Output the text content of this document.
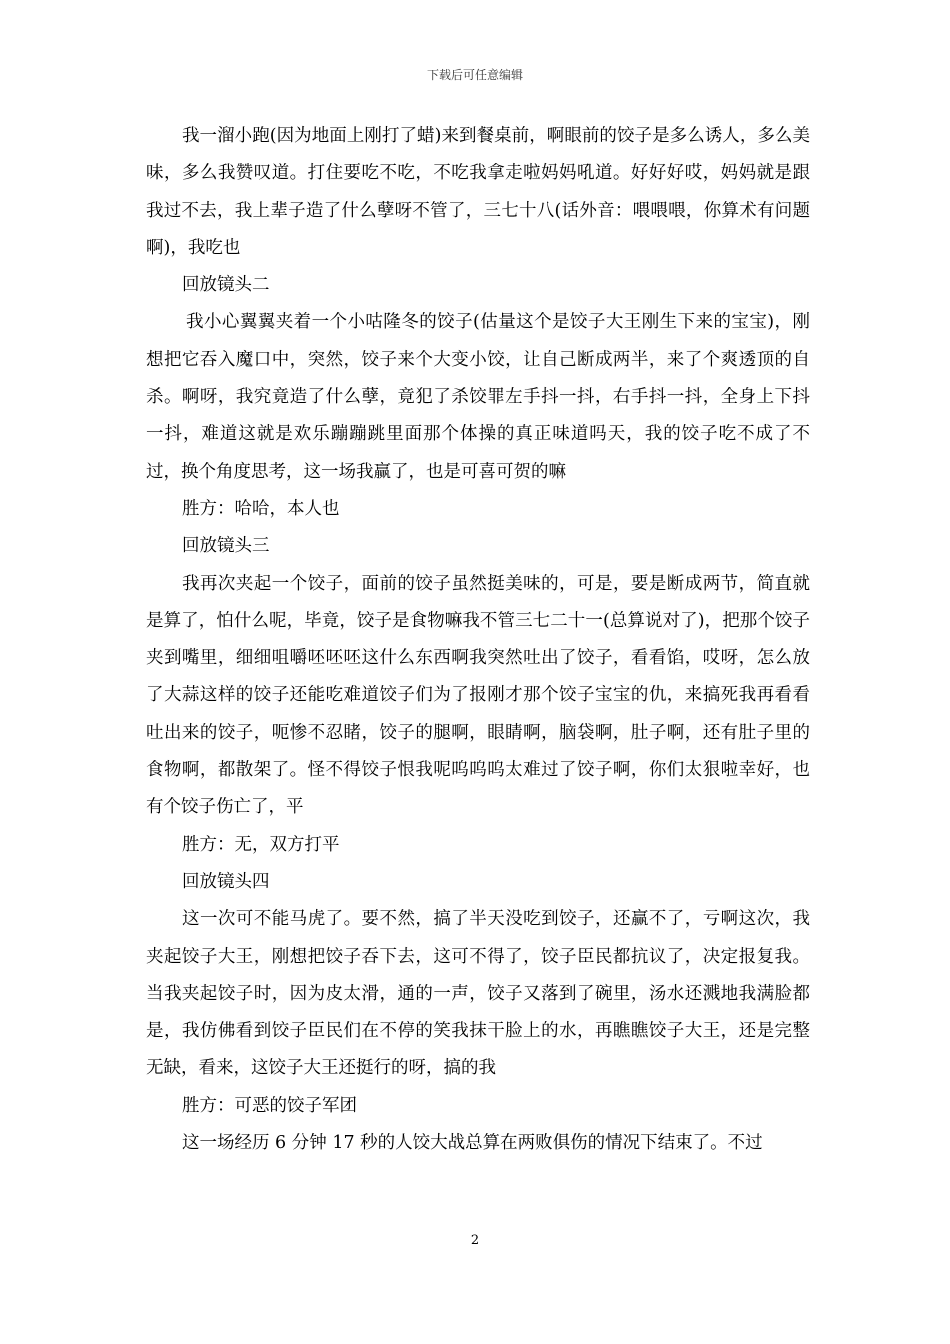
下载后可任意编辑

我一溜小跑(因为地面上刚打了蜡)来到餐桌前，啊眼前的饺子是多么诱人，多么美味，多么我赞叹道。打住要吃不吃，不吃我拿走啦妈妈吼道。好好好哎，妈妈就是跟我过不去，我上辈子造了什么孽呀不管了，三七十八(话外音：喂喂喂，你算术有问题啊)，我吃也

回放镜头二

我小心翼翼夹着一个小咕隆冬的饺子(估量这个是饺子大王刚生下来的宝宝)，刚想把它吞入魔口中，突然，饺子来个大变小饺，让自己断成两半，来了个爽透顶的自杀。啊呀，我究竟造了什么孽，竟犯了杀饺罪左手抖一抖，右手抖一抖，全身上下抖一抖，难道这就是欢乐蹦蹦跳里面那个体操的真正味道吗天，我的饺子吃不成了不过，换个角度思考，这一场我赢了，也是可喜可贺的嘛

胜方：哈哈，本人也

回放镜头三

我再次夹起一个饺子，面前的饺子虽然挺美味的，可是，要是断成两节，简直就是算了，怕什么呢，毕竟，饺子是食物嘛我不管三七二十一(总算说对了)，把那个饺子夹到嘴里，细细咀嚼呸呸呸这什么东西啊我突然吐出了饺子，看看馅，哎呀，怎么放了大蒜这样的饺子还能吃难道饺子们为了报刚才那个饺子宝宝的仇，来搞死我再看看吐出来的饺子，呃惨不忍睹，饺子的腿啊，眼睛啊，脑袋啊，肚子啊，还有肚子里的食物啊，都散架了。怪不得饺子恨我呢呜呜呜太难过了饺子啊，你们太狠啦幸好，也有个饺子伤亡了，平

胜方：无，双方打平

回放镜头四

这一次可不能马虎了。要不然，搞了半天没吃到饺子，还赢不了，亏啊这次，我夹起饺子大王，刚想把饺子吞下去，这可不得了，饺子臣民都抗议了，决定报复我。当我夹起饺子时，因为皮太滑，通的一声，饺子又落到了碗里，汤水还溅地我满脸都是，我仿佛看到饺子臣民们在不停的笑我抹干脸上的水，再瞧瞧饺子大王，还是完整无缺，看来，这饺子大王还挺行的呀，搞的我

胜方：可恶的饺子军团

这一场经历 6 分钟 17 秒的人饺大战总算在两败俱伤的情况下结束了。不过

2
